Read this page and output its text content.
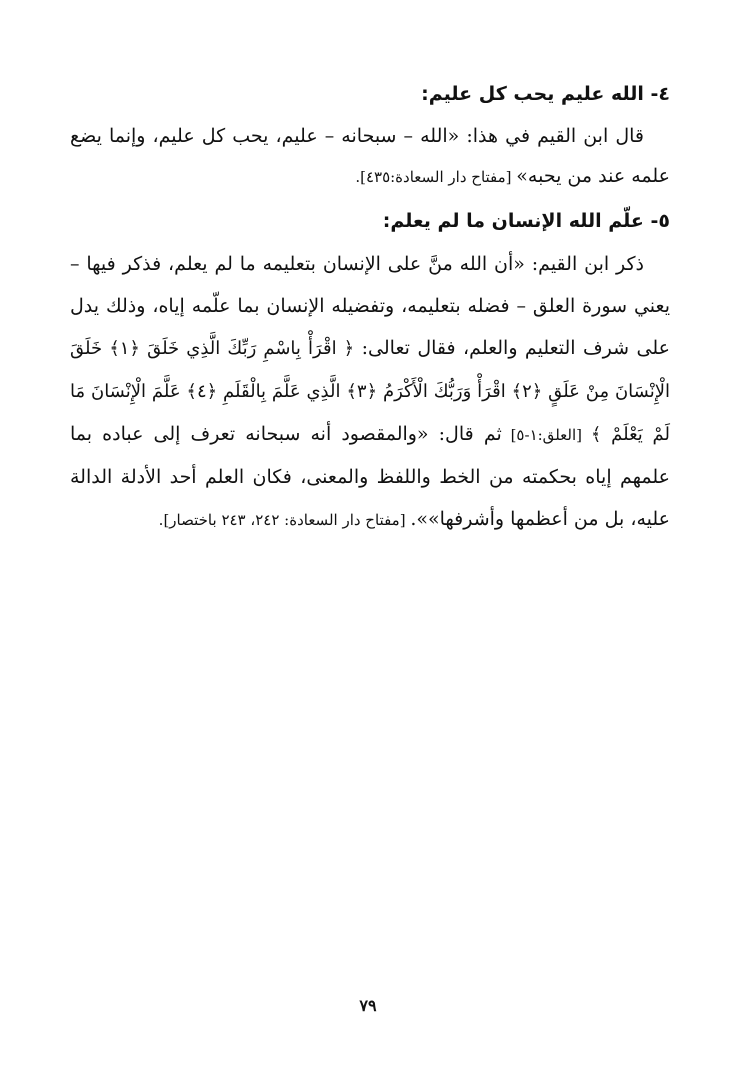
٤- الله عليم يحب كل عليم:

قال ابن القيم في هذا: «الله – سبحانه – عليم، يحب كل عليم، وإنما يضع علمه عند من يحبه» [مفتاح دار السعادة:٤٣٥].

٥- علّم الله الإنسان ما لم يعلم:

ذكر ابن القيم: «أن الله منَّ على الإنسان بتعليمه ما لم يعلم، فذكر فيها – يعني سورة العلق – فضله بتعليمه، وتفضيله الإنسان بما علّمه إياه، وذلك يدل على شرف التعليم والعلم، فقال تعالى: ﴿ اقْرَأْ بِاسْمِ رَبِّكَ الَّذِي خَلَقَ ﴿١﴾ خَلَقَ الْإِنْسَانَ مِنْ عَلَقٍ ﴿٢﴾ اقْرَأْ وَرَبُّكَ الْأَكْرَمُ ﴿٣﴾ الَّذِي عَلَّمَ بِالْقَلَمِ ﴿٤﴾ عَلَّمَ الْإِنْسَانَ مَا لَمْ يَعْلَمْ ﴾ [العلق:١-٥] ثم قال: «والمقصود أنه سبحانه تعرف إلى عباده بما علمهم إياه بحكمته من الخط واللفظ والمعنى، فكان العلم أحد الأدلة الدالة عليه، بل من أعظمها وأشرفها»». [مفتاح دار السعادة: ٢٤٢، ٢٤٣ باختصار].

٧٩
